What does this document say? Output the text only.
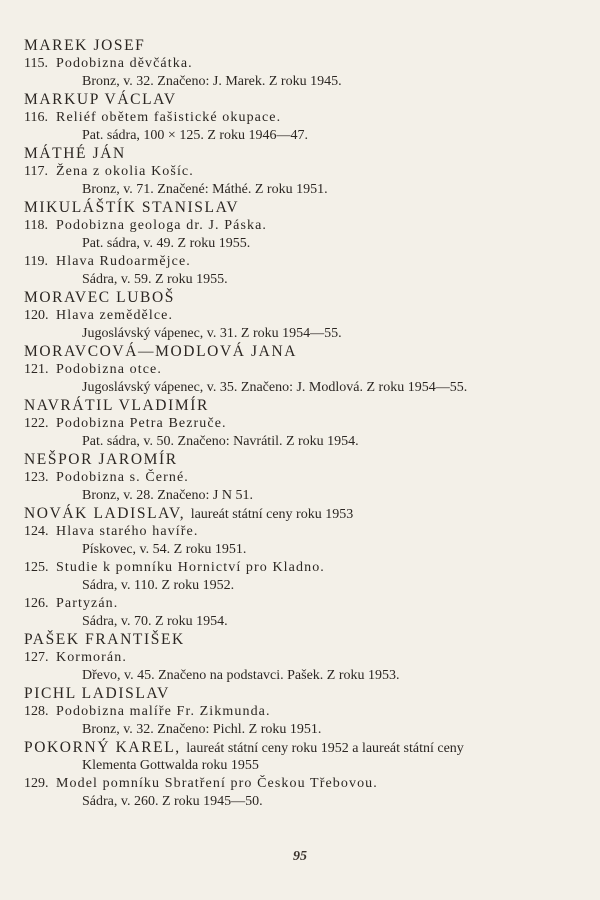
MAREK JOSEF
115. Podobizna děvčátka.
Bronz, v. 32. Značeno: J. Marek. Z roku 1945.
MARKUP VÁCLAV
116. Reliéf obětem fašistické okupace.
Pat. sádra, 100 × 125. Z roku 1946—47.
MÁTHÉ JÁN
117. Žena z okolia Košíc.
Bronz, v. 71. Značené: Máthé. Z roku 1951.
MIKULÁŠTÍK STANISLAV
118. Podobizna geologa dr. J. Páska.
Pat. sádra, v. 49. Z roku 1955.
119. Hlava Rudoarmějce.
Sádra, v. 59. Z roku 1955.
MORAVEC LUBOŠ
120. Hlava zemědělce.
Jugoslávský vápenec, v. 31. Z roku 1954—55.
MORAVCOVÁ—MODLOVÁ JANA
121. Podobizna otce.
Jugoslávský vápenec, v. 35. Značeno: J. Modlová. Z roku 1954—55.
NAVRÁTIL VLADIMÍR
122. Podobizna Petra Bezruče.
Pat. sádra, v. 50. Značeno: Navrátil. Z roku 1954.
NEŠPOR JAROMÍR
123. Podobizna s. Černé.
Bronz, v. 28. Značeno: J N 51.
NOVÁK LADISLAV, laureát státní ceny roku 1953
124. Hlava starého havíře.
Pískovec, v. 54. Z roku 1951.
125. Studie k pomníku Hornictví pro Kladno.
Sádra, v. 110. Z roku 1952.
126. Partyzán.
Sádra, v. 70. Z roku 1954.
PAŠEK FRANTIŠEK
127. Kormorán.
Dřevo, v. 45. Značeno na podstavci. Pašek. Z roku 1953.
PICHL LADISLAV
128. Podobizna malíře Fr. Zikmunda.
Bronz, v. 32. Značeno: Pichl. Z roku 1951.
POKORNÝ KAREL, laureát státní ceny roku 1952 a laureát státní ceny
Klementa Gottwalda roku 1955
129. Model pomníku Sbratření pro Českou Třebovou.
Sádra, v. 260. Z roku 1945—50.
95
